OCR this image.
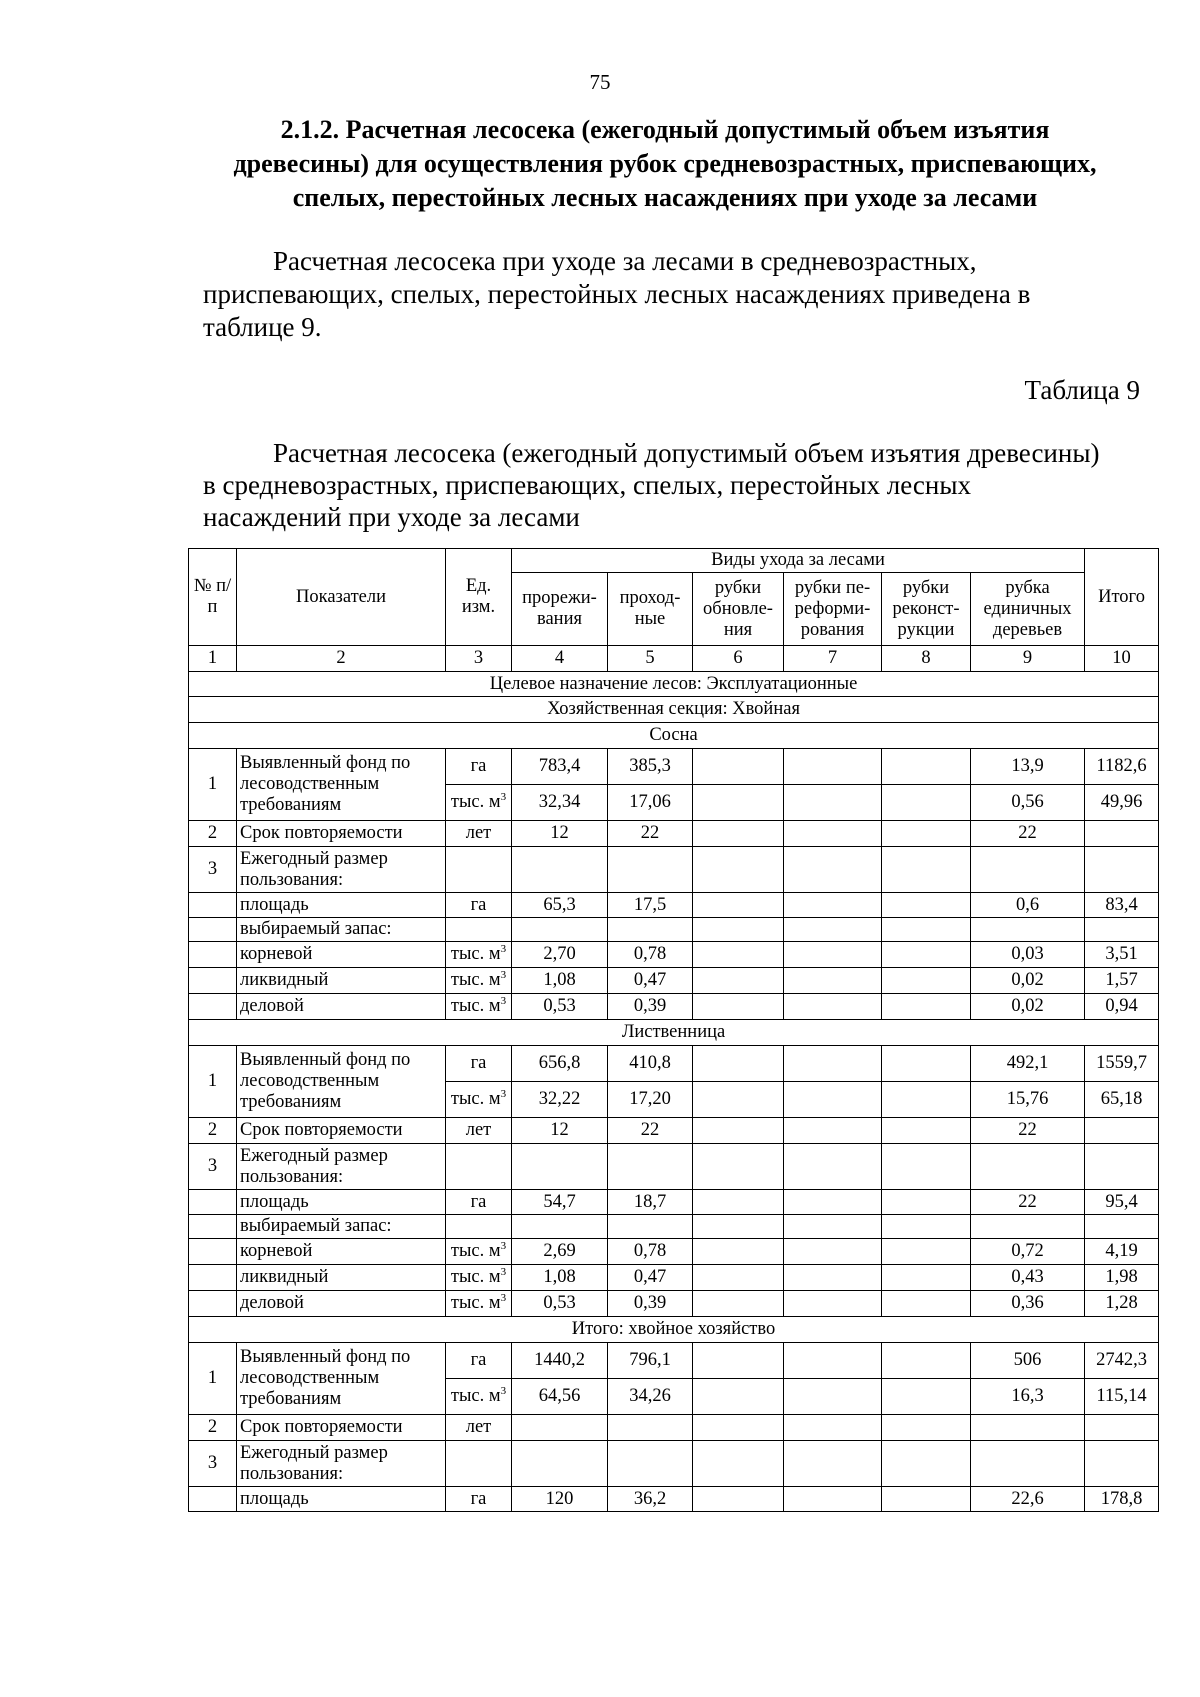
75
2.1.2. Расчетная лесосека (ежегодный допустимый объем изъятия
древесины) для осуществления рубок средневозрастных, приспевающих,
спелых, перестойных лесных насаждениях при уходе за лесами
Расчетная лесосека при уходе за лесами в средневозрастных,
приспевающих, спелых, перестойных лесных насаждениях приведена в
таблице 9.
Таблица 9
Расчетная лесосека (ежегодный допустимый объем изъятия древесины)
в средневозрастных, приспевающих, спелых, перестойных лесных
насаждений при уходе за лесами
№ п/п	Показатели	Ед. изм.	Виды ухода за лесами						Итого
			прорежи-вания	проход-ные	рубки обновле-ния	рубки пе-реформи-рования	рубки реконст-рукции	рубка единичных деревьев	
1	2	3	4	5	6	7	8	9	10
Целевое назначение лесов: Эксплуатационные									
Хозяйственная секция: Хвойная									
Сосна									
1	Выявленный фонд по лесоводственным требованиям	га	783,4	385,3				13,9	1182,6
		тыс. $м^3$	32,34	17,06				0,56	49,96
2	Срок повторяемости	лет	12	22				22	
3	Ежегодный размер пользования:								
	площадь	га	65,3	17,5				0,6	83,4
	выбираемый запас:								
	корневой	тыс. $м^3$	2,70	0,78				0,03	3,51
	ликвидный	тыс. $м^3$	1,08	0,47				0,02	1,57
	деловой	тыс. $м^3$	0,53	0,39				0,02	0,94
Лиственница									
1	Выявленный фонд по лесоводственным требованиям	га	656,8	410,8				492,1	1559,7
		тыс. $м^3$	32,22	17,20				15,76	65,18
2	Срок повторяемости	лет	12	22				22	
3	Ежегодный размер пользования:								
	площадь	га	54,7	18,7				22	95,4
	выбираемый запас:								
	корневой	тыс. $м^3$	2,69	0,78				0,72	4,19
	ликвидный	тыс. $м^3$	1,08	0,47				0,43	1,98
	деловой	тыс. $м^3$	0,53	0,39				0,36	1,28
Итого: хвойное хозяйство									
1	Выявленный фонд по лесоводственным требованиям	га	1440,2	796,1				506	2742,3
		тыс. $м^3$	64,56	34,26				16,3	115,14
2	Срок повторяемости	лет							
3	Ежегодный размер пользования:								
	площадь	га	120	36,2				22,6	178,8
